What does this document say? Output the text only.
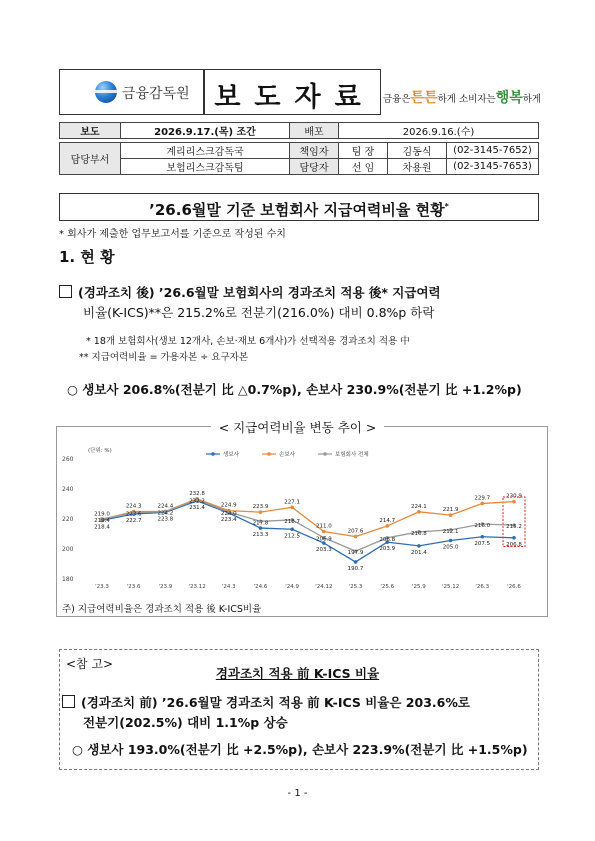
금융감독원 보도자료 금융은튼튼하게 소비자는행복하게
보도	2026.9.17.(목) 조간	배포	2026.9.16.(수)		

담당부서	계리리스크감독국	책임자	팀 장	김동식	(02-3145-7652)
	보험리스크감독팀	담당자	선 임	차용원	(02-3145-7653)
’26.6월말 기준 보험회사 지급여력비율 현황*
* 회사가 제출한 업무보고서를 기준으로 작성된 수치
1. 현 황
(경과조치 後) ’26.6월말 보험회사의 경과조치 적용 後* 지급여력
비율(K-ICS)**은 215.2%로 전분기(216.0%) 대비 0.8%p 하락
* 18개 보험회사(생보 12개사, 손보·재보 6개사)가 선택적용 경과조치 적용 中
** 지급여력비율 = 가용자본 ÷ 요구자본
○ 생보사 206.8%(전분기 比 △0.7%p), 손보사 230.9%(전분기 比 +1.2%p)
< 지급여력비율 변동 추이 >
180
200
220
240
260
(단위: %)
'23.3	'23.6	'23.9	'23.12	'24.3	'24.6	'24.9	'24.12	'25.3	'25.6	'25.9	'25.12	'26.3	'26.6
생보사	손보사	보험회사 전체
218.4
222.7	223.8
231.4
223.4
213.3	212.5
203.3
190.7
203.9
201.4
205.0
207.5	206.8
219.0
224.3	224.4
232.8
224.9	223.9
227.1
211.0
207.6
214.7
224.1
221.9
229.7	230.9
219.4
223.6	224.2
232.2
224.0
217.8	218.7
206.9
197.9
206.8
210.8	212.1
216.0	215.2
주) 지급여력비율은 경과조치 적용 後 K-ICS비율
<참 고>
경과조치 적용 前 K-ICS 비율
(경과조치 前) ’26.6월말 경과조치 적용 前 K-ICS 비율은 203.6%로
전분기(202.5%) 대비 1.1%p 상승
○ 생보사 193.0%(전분기 比 +2.5%p), 손보사 223.9%(전분기 比 +1.5%p)
- 1 -
